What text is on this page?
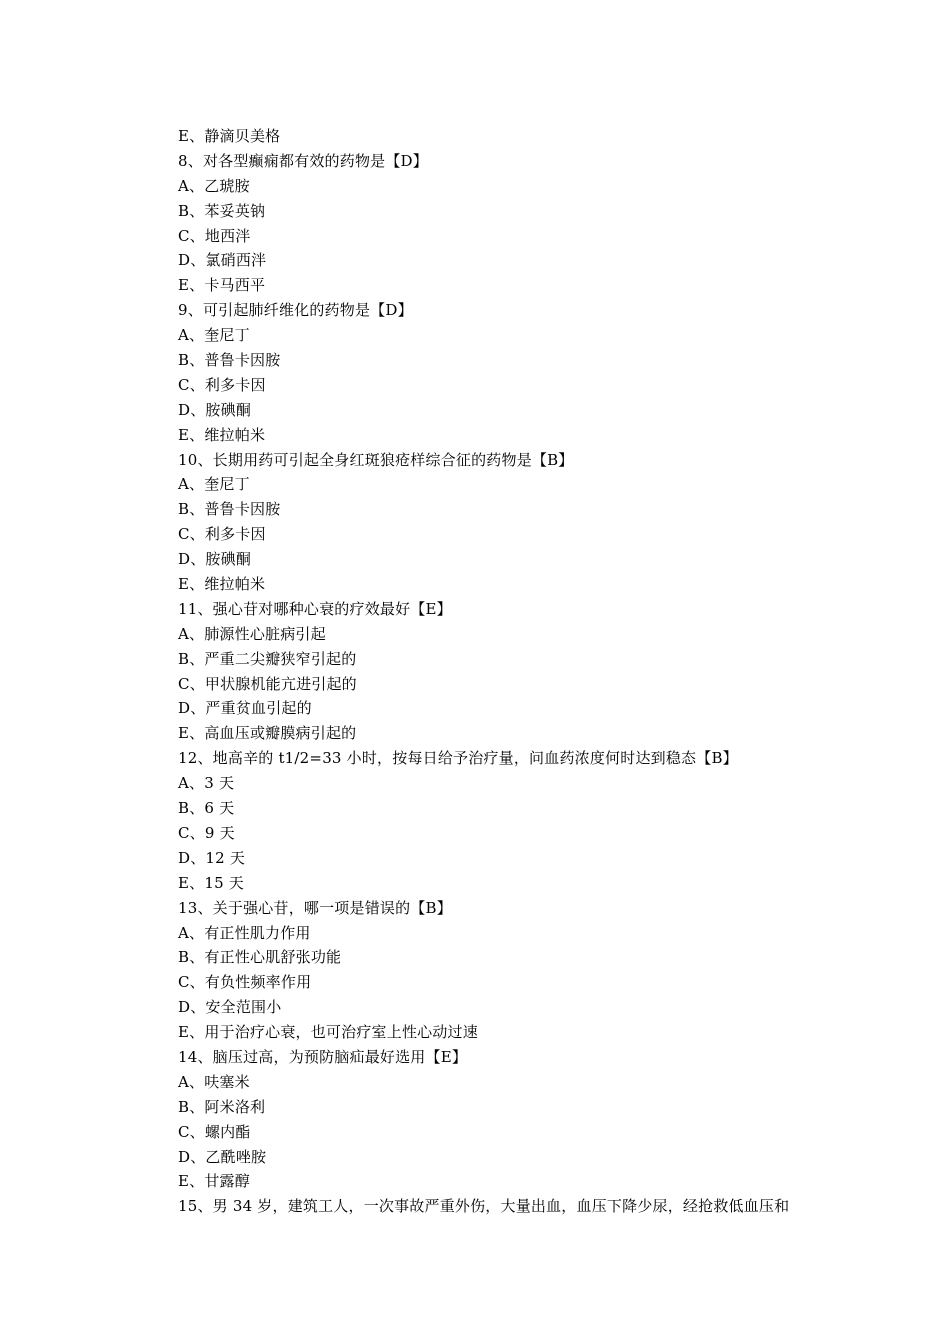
E、静滴贝美格
8、对各型癫痫都有效的药物是【D】
A、乙琥胺
B、苯妥英钠
C、地西泮
D、氯硝西泮
E、卡马西平
9、可引起肺纤维化的药物是【D】
A、奎尼丁
B、普鲁卡因胺
C、利多卡因
D、胺碘酮
E、维拉帕米
10、长期用药可引起全身红斑狼疮样综合征的药物是【B】
A、奎尼丁
B、普鲁卡因胺
C、利多卡因
D、胺碘酮
E、维拉帕米
11、强心苷对哪种心衰的疗效最好【E】
A、肺源性心脏病引起
B、严重二尖瓣狭窄引起的
C、甲状腺机能亢进引起的
D、严重贫血引起的
E、高血压或瓣膜病引起的
12、地高辛的 t1/2=33 小时，按每日给予治疗量，问血药浓度何时达到稳态【B】
A、3 天
B、6 天
C、9 天
D、12 天
E、15 天
13、关于强心苷，哪一项是错误的【B】
A、有正性肌力作用
B、有正性心肌舒张功能
C、有负性频率作用
D、安全范围小
E、用于治疗心衰，也可治疗室上性心动过速
14、脑压过高，为预防脑疝最好选用【E】
A、呋塞米
B、阿米洛利
C、螺内酯
D、乙酰唑胺
E、甘露醇
15、男 34 岁，建筑工人，一次事故严重外伤，大量出血，血压下降少尿，经抢救低血压和
